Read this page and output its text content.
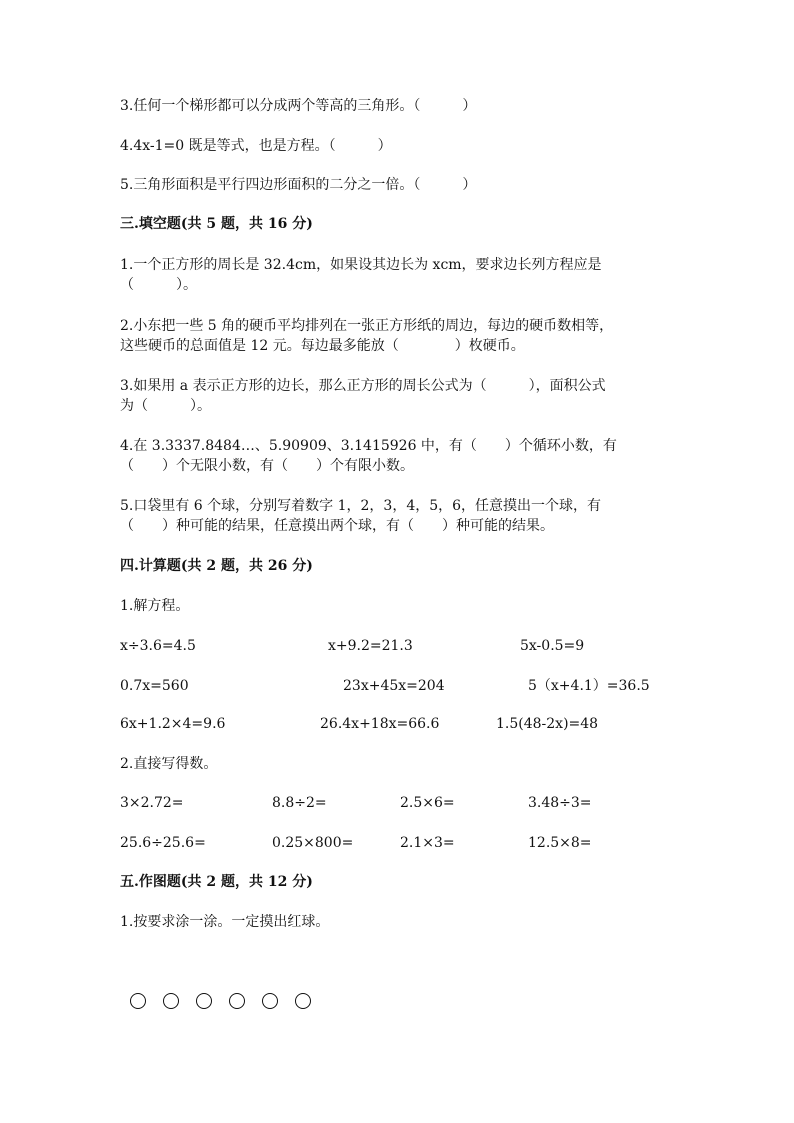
3.任何一个梯形都可以分成两个等高的三角形。（　　　）
4.4x-1=0 既是等式，也是方程。（　　　）
5.三角形面积是平行四边形面积的二分之一倍。（　　　）
三.填空题(共 5 题，共 16 分)
1.一个正方形的周长是 32.4cm，如果设其边长为 xcm，要求边长列方程应是
（　　　）。
2.小东把一些 5 角的硬币平均排列在一张正方形纸的周边，每边的硬币数相等，
这些硬币的总面值是 12 元。每边最多能放（　　　　）枚硬币。
3.如果用 a 表示正方形的边长，那么正方形的周长公式为（　　　），面积公式
为（　　　）。
4.在 3.3337.8484…、5.90909、3.1415926 中，有（　　）个循环小数，有
（　　）个无限小数，有（　　）个有限小数。
5.口袋里有 6 个球，分别写着数字 1，2，3，4，5，6，任意摸出一个球，有
（　　）种可能的结果，任意摸出两个球，有（　　）种可能的结果。
四.计算题(共 2 题，共 26 分)
1.解方程。
x÷3.6=4.5	x+9.2=21.3	5x-0.5=9
0.7x=560	23x+45x=204	5（x+4.1）=36.5
6x+1.2×4=9.6	26.4x+18x=66.6	1.5(48-2x)=48
2.直接写得数。
3×2.72=	8.8÷2=	2.5×6=	3.48÷3=
25.6÷25.6=	0.25×800=	2.1×3=	12.5×8=
五.作图题(共 2 题，共 12 分)
1.按要求涂一涂。一定摸出红球。
